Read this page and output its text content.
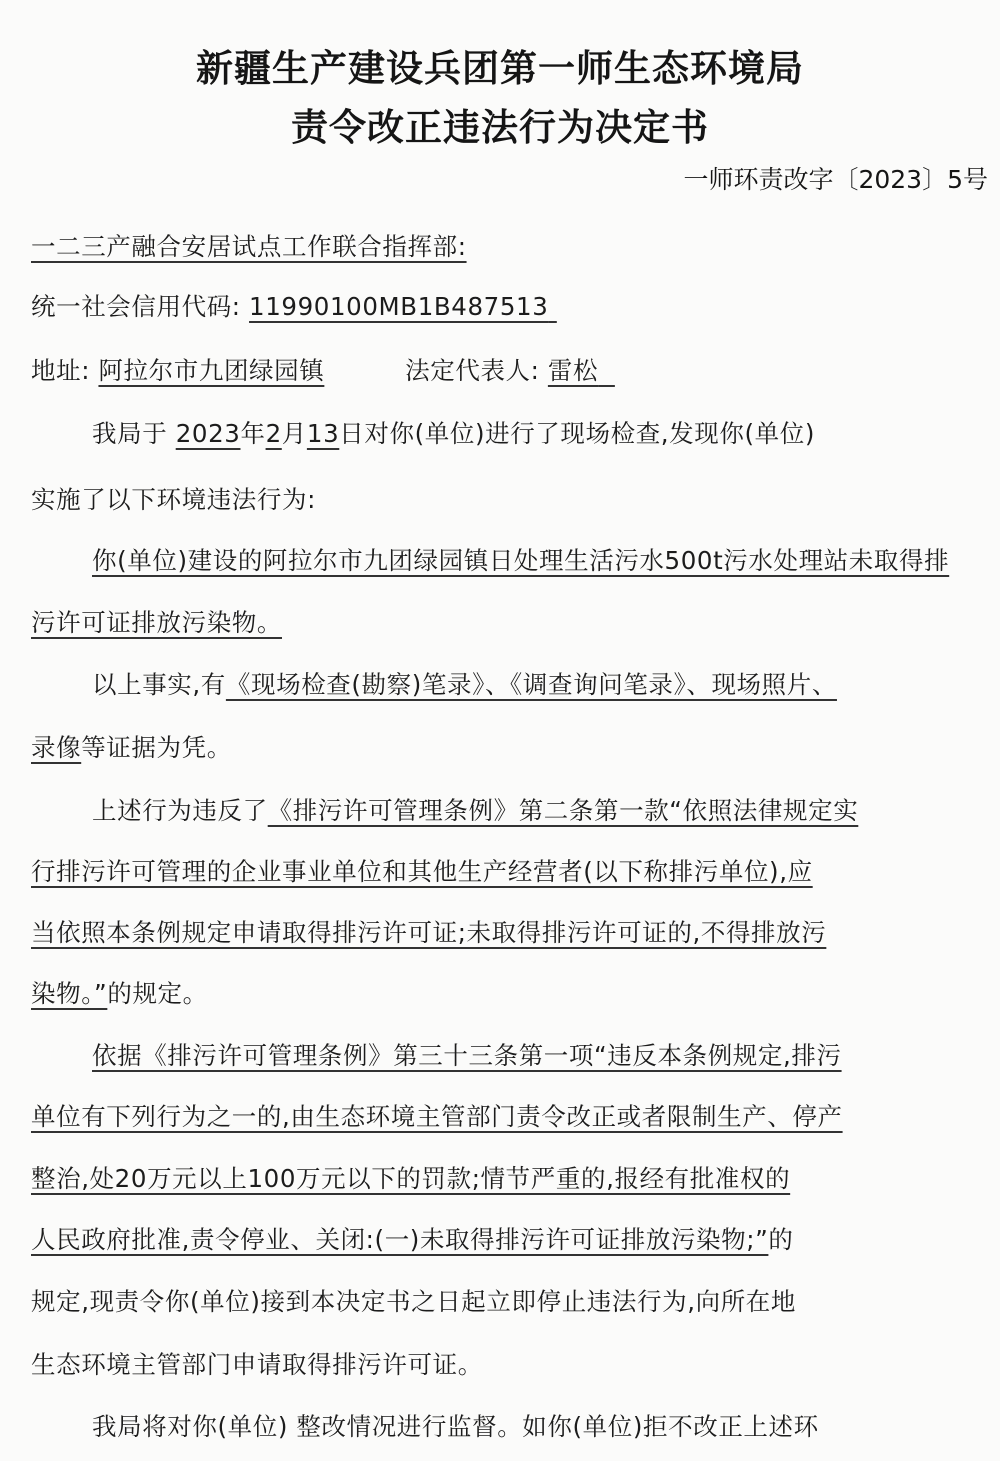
新疆生产建设兵团第一师生态环境局
责令改正违法行为决定书
一师环责改字〔2023〕5号
一二三产融合安居试点工作联合指挥部:
统一社会信用代码: 11990100MB1B487513
地址: 阿拉尔市九团绿园镇	法定代表人: 雷松
我局于 2023年2月13日对你(单位)进行了现场检查,发现你(单位)
实施了以下环境违法行为:
你(单位)建设的阿拉尔市九团绿园镇日处理生活污水500t污水处理站未取得排
污许可证排放污染物。
以上事实,有《现场检查(勘察)笔录》、《调查询问笔录》、现场照片、
录像等证据为凭。
上述行为违反了《排污许可管理条例》第二条第一款“依照法律规定实
行排污许可管理的企业事业单位和其他生产经营者(以下称排污单位),应
当依照本条例规定申请取得排污许可证;未取得排污许可证的,不得排放污
染物。”的规定。
依据《排污许可管理条例》第三十三条第一项“违反本条例规定,排污
单位有下列行为之一的,由生态环境主管部门责令改正或者限制生产、停产
整治,处20万元以上100万元以下的罚款;情节严重的,报经有批准权的
人民政府批准,责令停业、关闭:(一)未取得排污许可证排放污染物;”的
规定,现责令你(单位)接到本决定书之日起立即停止违法行为,向所在地
生态环境主管部门申请取得排污许可证。
我局将对你(单位) 整改情况进行监督。如你(单位)拒不改正上述环
